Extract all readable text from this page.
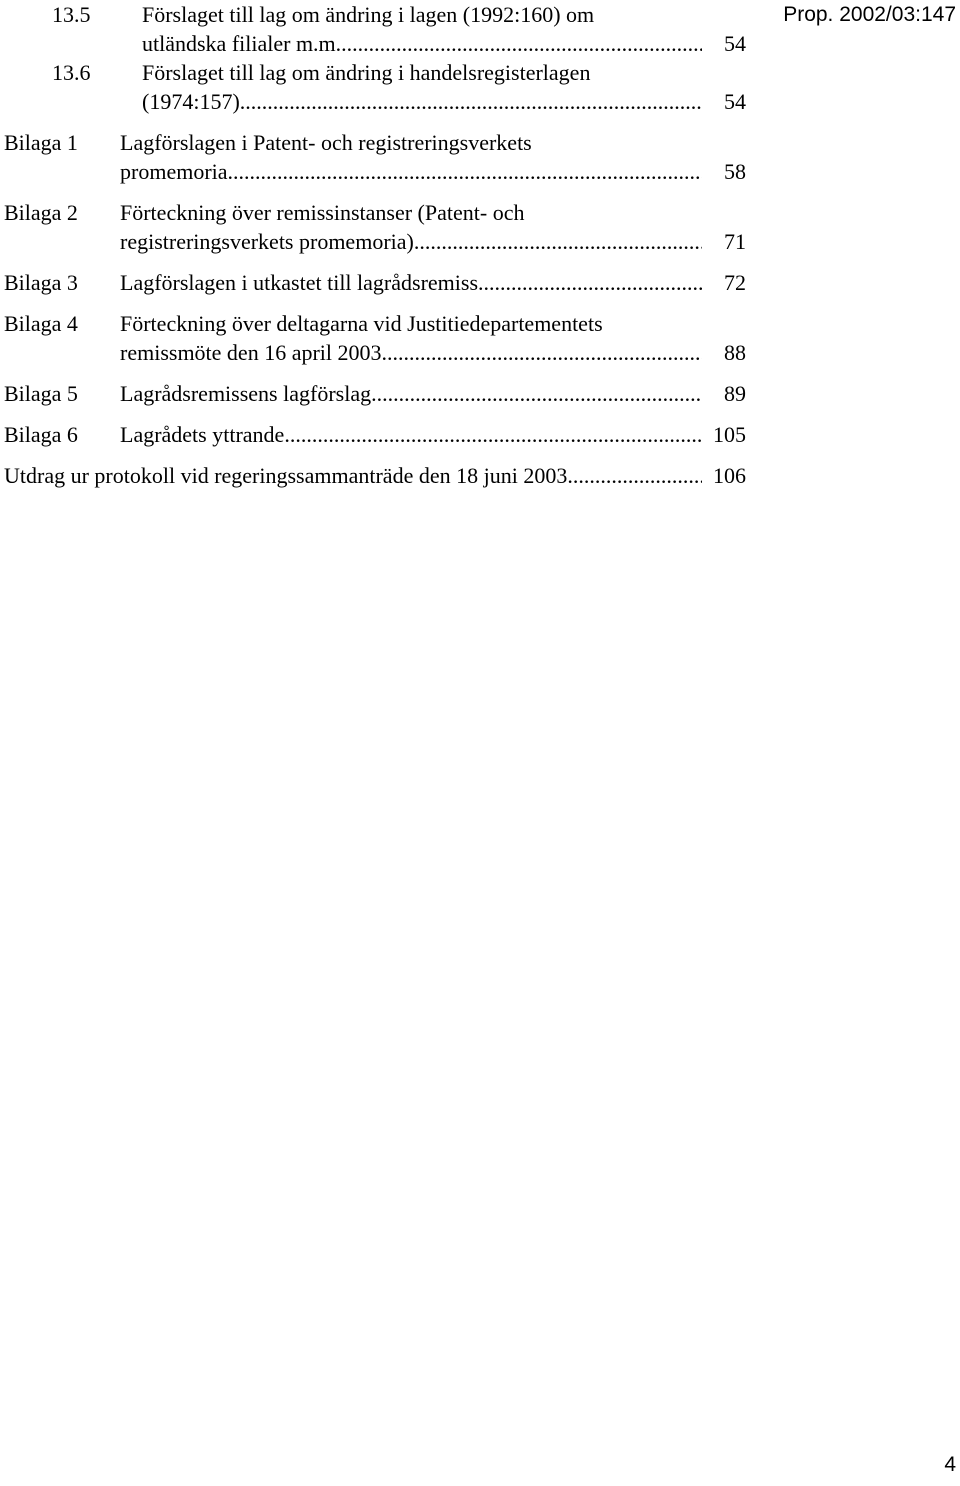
Prop. 2002/03:147
13.5	Förslaget till lag om ändring i lagen (1992:160) om
utländska filialer m.m. .....	54
13.6	Förslaget till lag om ändring i handelsregisterlagen
(1974:157) .....	54
Bilaga 1	Lagförslagen i Patent- och registreringsverkets
promemoria .....	58
Bilaga 2	Förteckning över remissinstanser (Patent- och
registreringsverkets promemoria) .....	71
Bilaga 3	Lagförslagen i utkastet till lagrådsremiss .....	72
Bilaga 4	Förteckning över deltagarna vid Justitiedepartementets
remissmöte den 16 april 2003 .....	88
Bilaga 5	Lagrådsremissens lagförslag .....	89
Bilaga 6	Lagrådets yttrande .....	105
Utdrag ur protokoll vid regeringssammanträde den 18 juni 2003 .....	106
4
